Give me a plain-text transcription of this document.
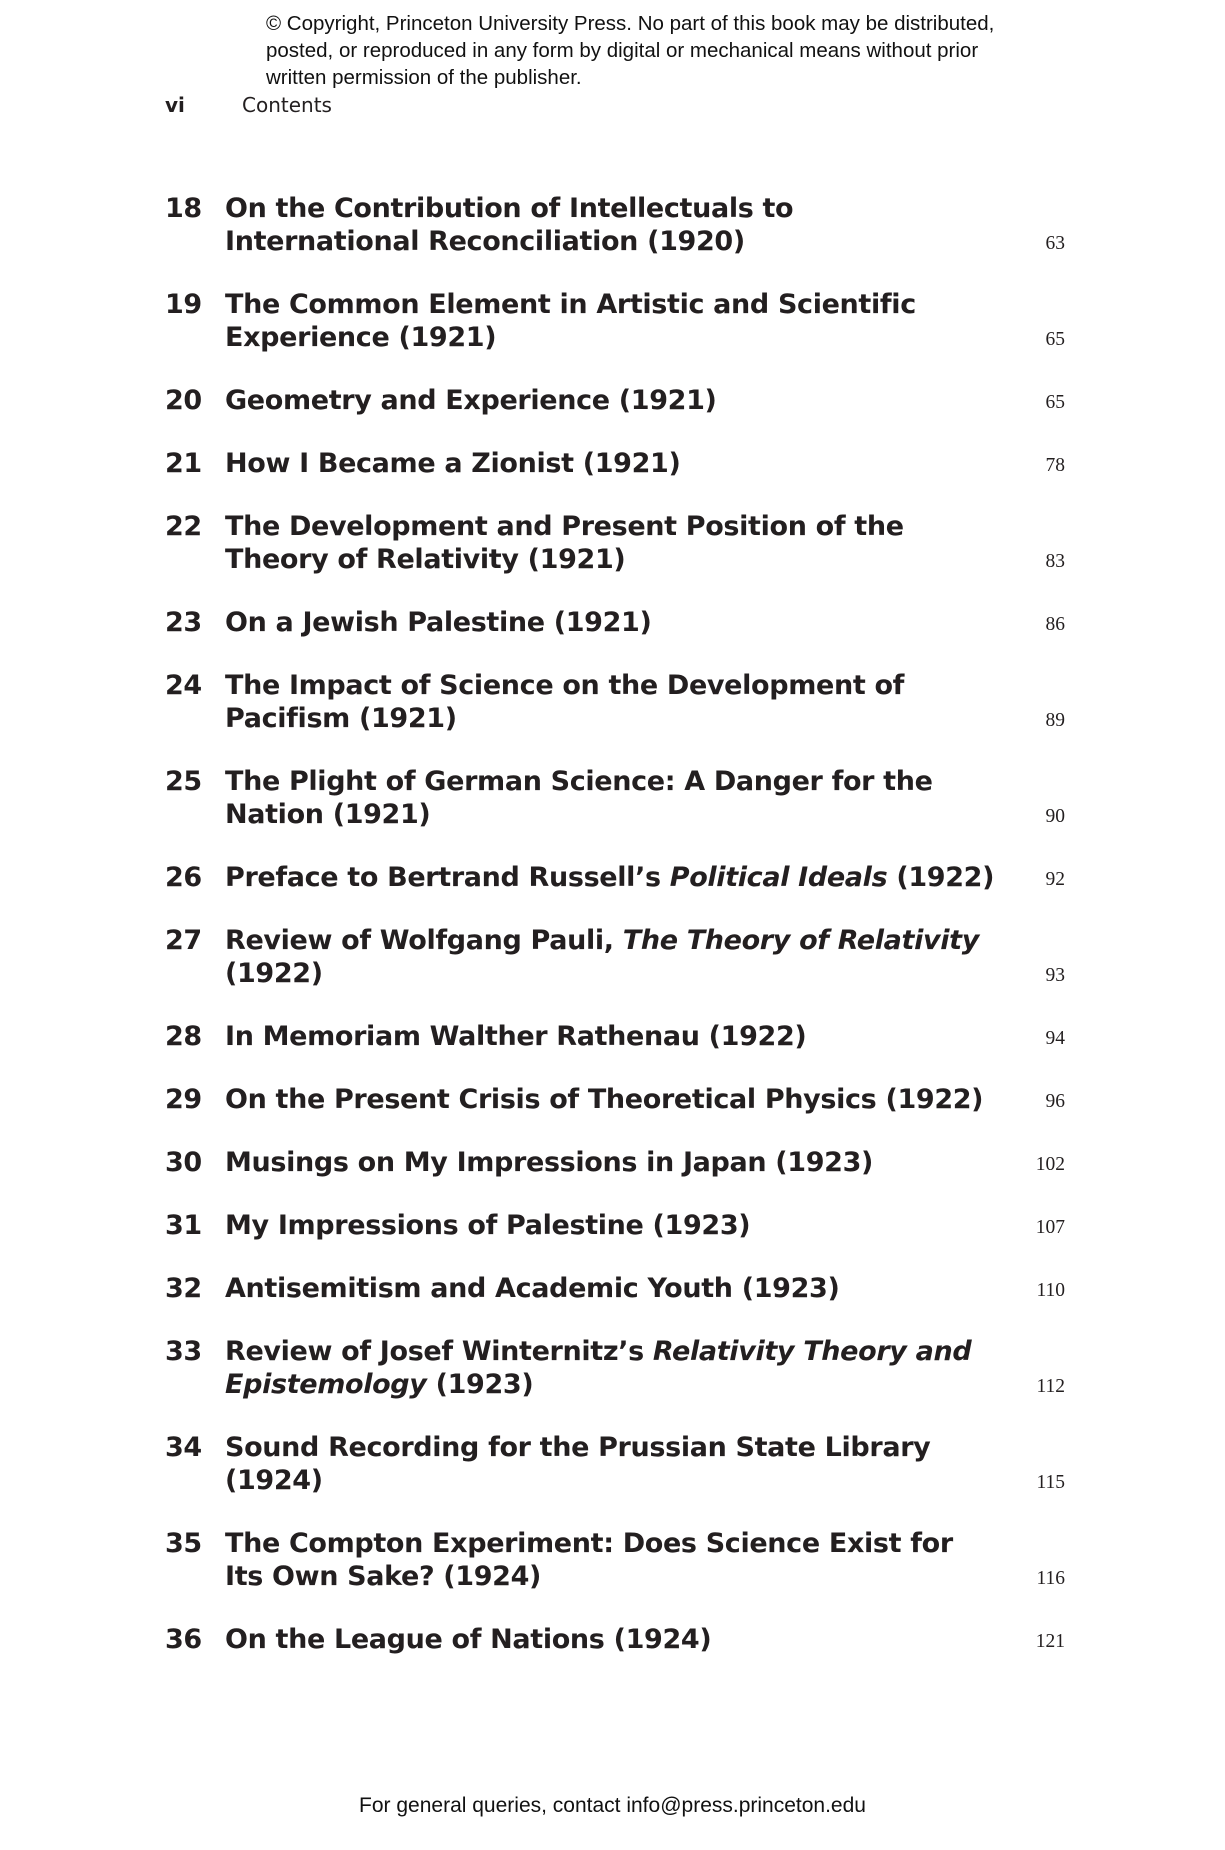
© Copyright, Princeton University Press. No part of this book may be distributed, posted, or reproduced in any form by digital or mechanical means without prior written permission of the publisher.
vi	Contents
18 On the Contribution of Intellectuals to International Reconciliation (1920)	63
19 The Common Element in Artistic and Scientific Experience (1921)	65
20 Geometry and Experience (1921)	65
21 How I Became a Zionist (1921)	78
22 The Development and Present Position of the Theory of Relativity (1921)	83
23 On a Jewish Palestine (1921)	86
24 The Impact of Science on the Development of Pacifism (1921)	89
25 The Plight of German Science: A Danger for the Nation (1921)	90
26 Preface to Bertrand Russell’s Political Ideals (1922)	92
27 Review of Wolfgang Pauli, The Theory of Relativity (1922)	93
28 In Memoriam Walther Rathenau (1922)	94
29 On the Present Crisis of Theoretical Physics (1922)	96
30 Musings on My Impressions in Japan (1923)	102
31 My Impressions of Palestine (1923)	107
32 Antisemitism and Academic Youth (1923)	110
33 Review of Josef Winternitz’s Relativity Theory and Epistemology (1923)	112
34 Sound Recording for the Prussian State Library (1924)	115
35 The Compton Experiment: Does Science Exist for Its Own Sake? (1924)	116
36 On the League of Nations (1924)	121
For general queries, contact info@press.princeton.edu
